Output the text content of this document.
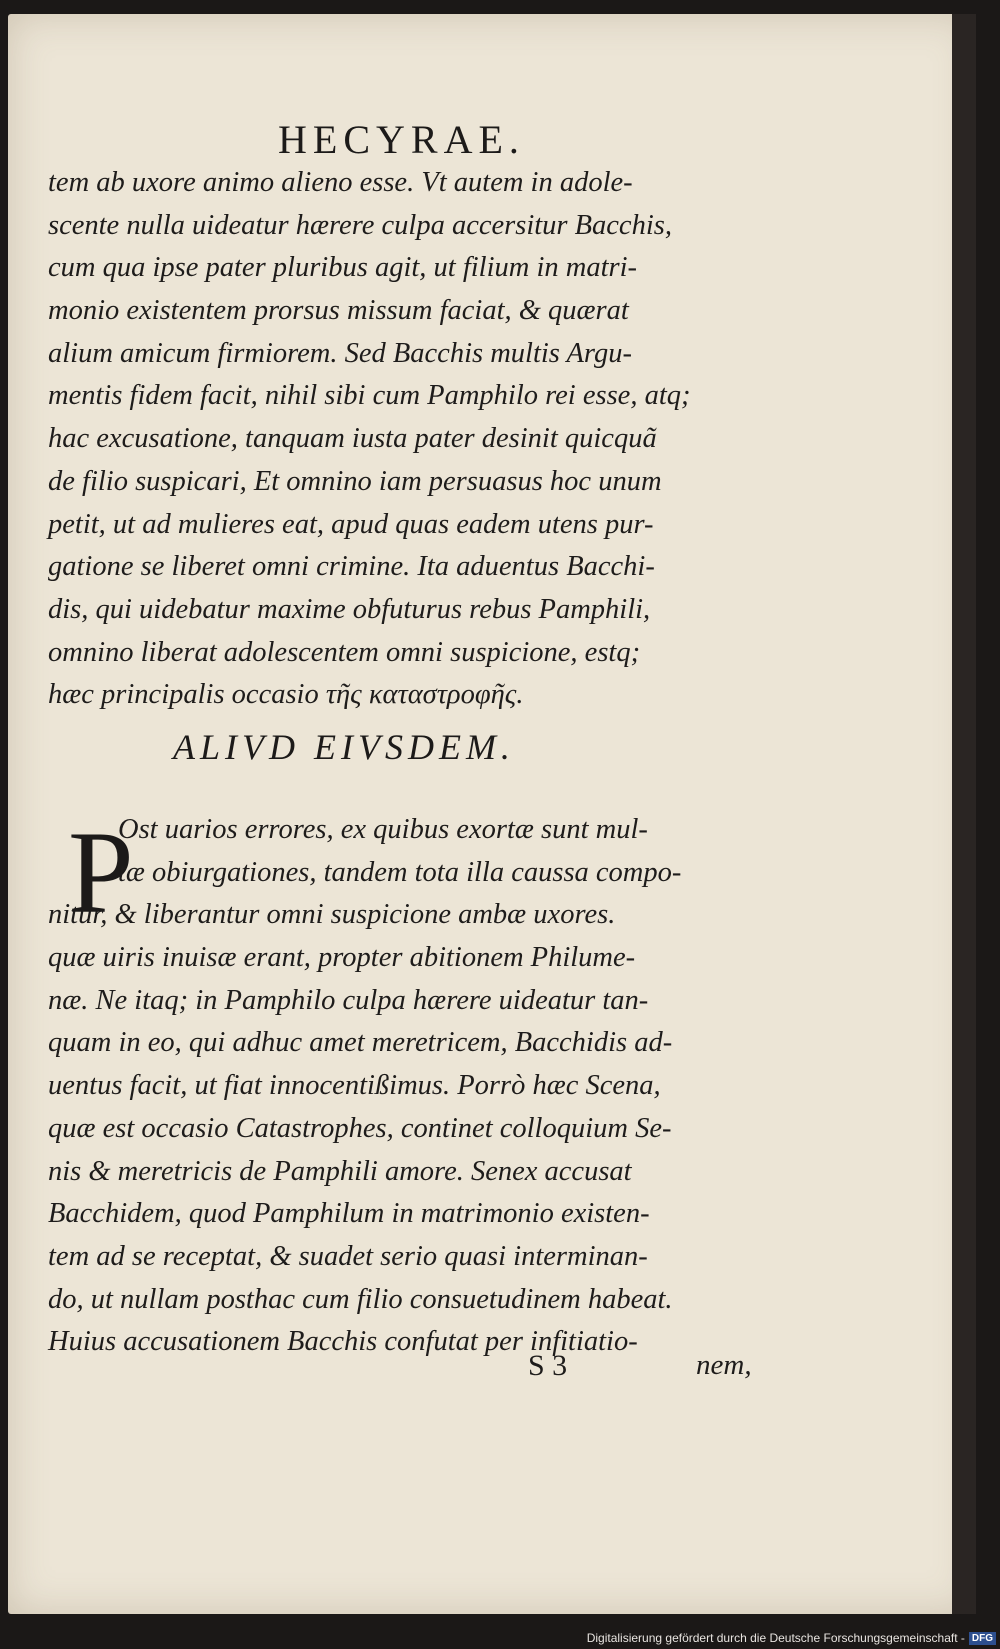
HECYRAE.
tem ab uxore animo alieno esse. Vt autem in adole-
scente nulla uideatur hærere culpa accersitur Bacchis,
cum qua ipse pater pluribus agit, ut filium in matri-
monio existentem prorsus missum faciat, & quærat
alium amicum firmiorem. Sed Bacchis multis Argu-
mentis fidem facit, nihil sibi cum Pamphilo rei esse, atq;
hac excusatione, tanquam iusta pater desinit quicquã
de filio suspicari, Et omnino iam persuasus hoc unum
petit, ut ad mulieres eat, apud quas eadem utens pur-
gatione se liberet omni crimine. Ita aduentus Bacchi-
dis, qui uidebatur maxime obfuturus rebus Pamphili,
omnino liberat adolescentem omni suspicione, estq;
hæc principalis occasio τῆς καταστροφῆς.
ALIVD EIVSDEM.
P
Ost uarios errores, ex quibus exortæ sunt mul-
tæ obiurgationes, tandem tota illa caussa compo-
nitur, & liberantur omni suspicione ambæ uxores.
quæ uiris inuisæ erant, propter abitionem Philume-
næ. Ne itaq; in Pamphilo culpa hærere uideatur tan-
quam in eo, qui adhuc amet meretricem, Bacchidis ad-
uentus facit, ut fiat innocentißimus. Porrò hæc Scena,
quæ est occasio Catastrophes, continet colloquium Se-
nis & meretricis de Pamphili amore. Senex accusat
Bacchidem, quod Pamphilum in matrimonio existen-
tem ad se receptat, & suadet serio quasi interminan-
do, ut nullam posthac cum filio consuetudinem habeat.
Huius accusationem Bacchis confutat per infitiatio-
S 3	nem,
Digitalisierung gefördert durch die Deutsche Forschungsgemeinschaft - DFG
